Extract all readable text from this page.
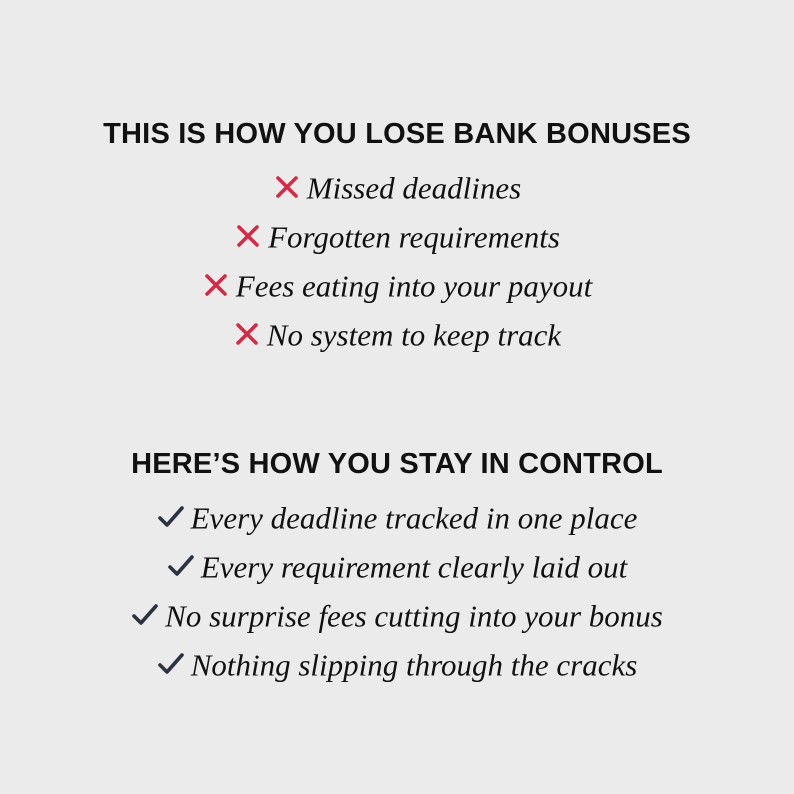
THIS IS HOW YOU LOSE BANK BONUSES
Missed deadlines
Forgotten requirements
Fees eating into your payout
No system to keep track
HERE’S HOW YOU STAY IN CONTROL
Every deadline tracked in one place
Every requirement clearly laid out
No surprise fees cutting into your bonus
Nothing slipping through the cracks
